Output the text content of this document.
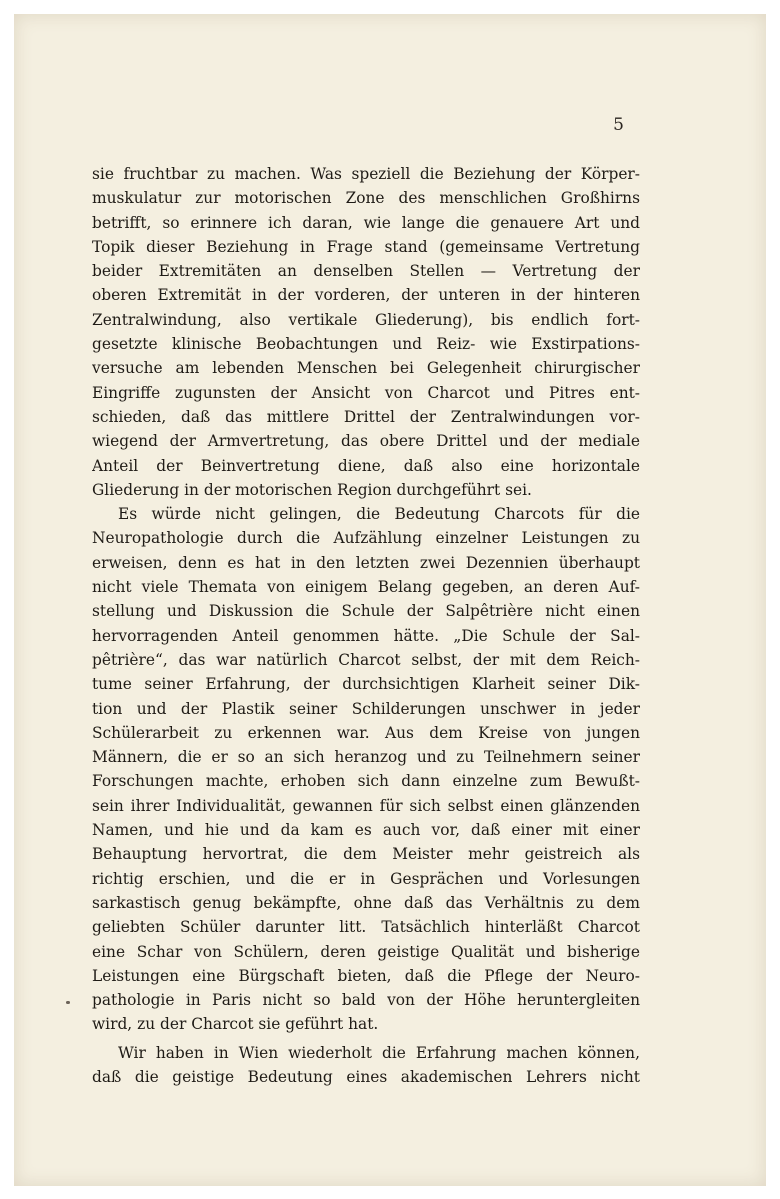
5
sie fruchtbar zu machen. Was speziell die Beziehung der Körper-
muskulatur zur motorischen Zone des menschlichen Großhirns
betrifft, so erinnere ich daran, wie lange die genauere Art und
Topik dieser Beziehung in Frage stand (gemeinsame Vertretung
beider Extremitäten an denselben Stellen — Vertretung der
oberen Extremität in der vorderen, der unteren in der hinteren
Zentralwindung, also vertikale Gliederung), bis endlich fort-
gesetzte klinische Beobachtungen und Reiz- wie Exstirpations-
versuche am lebenden Menschen bei Gelegenheit chirurgischer
Eingriffe zugunsten der Ansicht von Charcot und Pitres ent-
schieden, daß das mittlere Drittel der Zentralwindungen vor-
wiegend der Armvertretung, das obere Drittel und der mediale
Anteil der Beinvertretung diene, daß also eine horizontale
Gliederung in der motorischen Region durchgeführt sei.
Es würde nicht gelingen, die Bedeutung Charcots für die
Neuropathologie durch die Aufzählung einzelner Leistungen zu
erweisen, denn es hat in den letzten zwei Dezennien überhaupt
nicht viele Themata von einigem Belang gegeben, an deren Auf-
stellung und Diskussion die Schule der Salpêtrière nicht einen
hervorragenden Anteil genommen hätte. „Die Schule der Sal-
pêtrière“, das war natürlich Charcot selbst, der mit dem Reich-
tume seiner Erfahrung, der durchsichtigen Klarheit seiner Dik-
tion und der Plastik seiner Schilderungen unschwer in jeder
Schülerarbeit zu erkennen war. Aus dem Kreise von jungen
Männern, die er so an sich heranzog und zu Teilnehmern seiner
Forschungen machte, erhoben sich dann einzelne zum Bewußt-
sein ihrer Individualität, gewannen für sich selbst einen glänzenden
Namen, und hie und da kam es auch vor, daß einer mit einer
Behauptung hervortrat, die dem Meister mehr geistreich als
richtig erschien, und die er in Gesprächen und Vorlesungen
sarkastisch genug bekämpfte, ohne daß das Verhältnis zu dem
geliebten Schüler darunter litt. Tatsächlich hinterläßt Charcot
eine Schar von Schülern, deren geistige Qualität und bisherige
Leistungen eine Bürgschaft bieten, daß die Pflege der Neuro-
pathologie in Paris nicht so bald von der Höhe heruntergleiten
wird, zu der Charcot sie geführt hat.
Wir haben in Wien wiederholt die Erfahrung machen können,
daß die geistige Bedeutung eines akademischen Lehrers nicht
